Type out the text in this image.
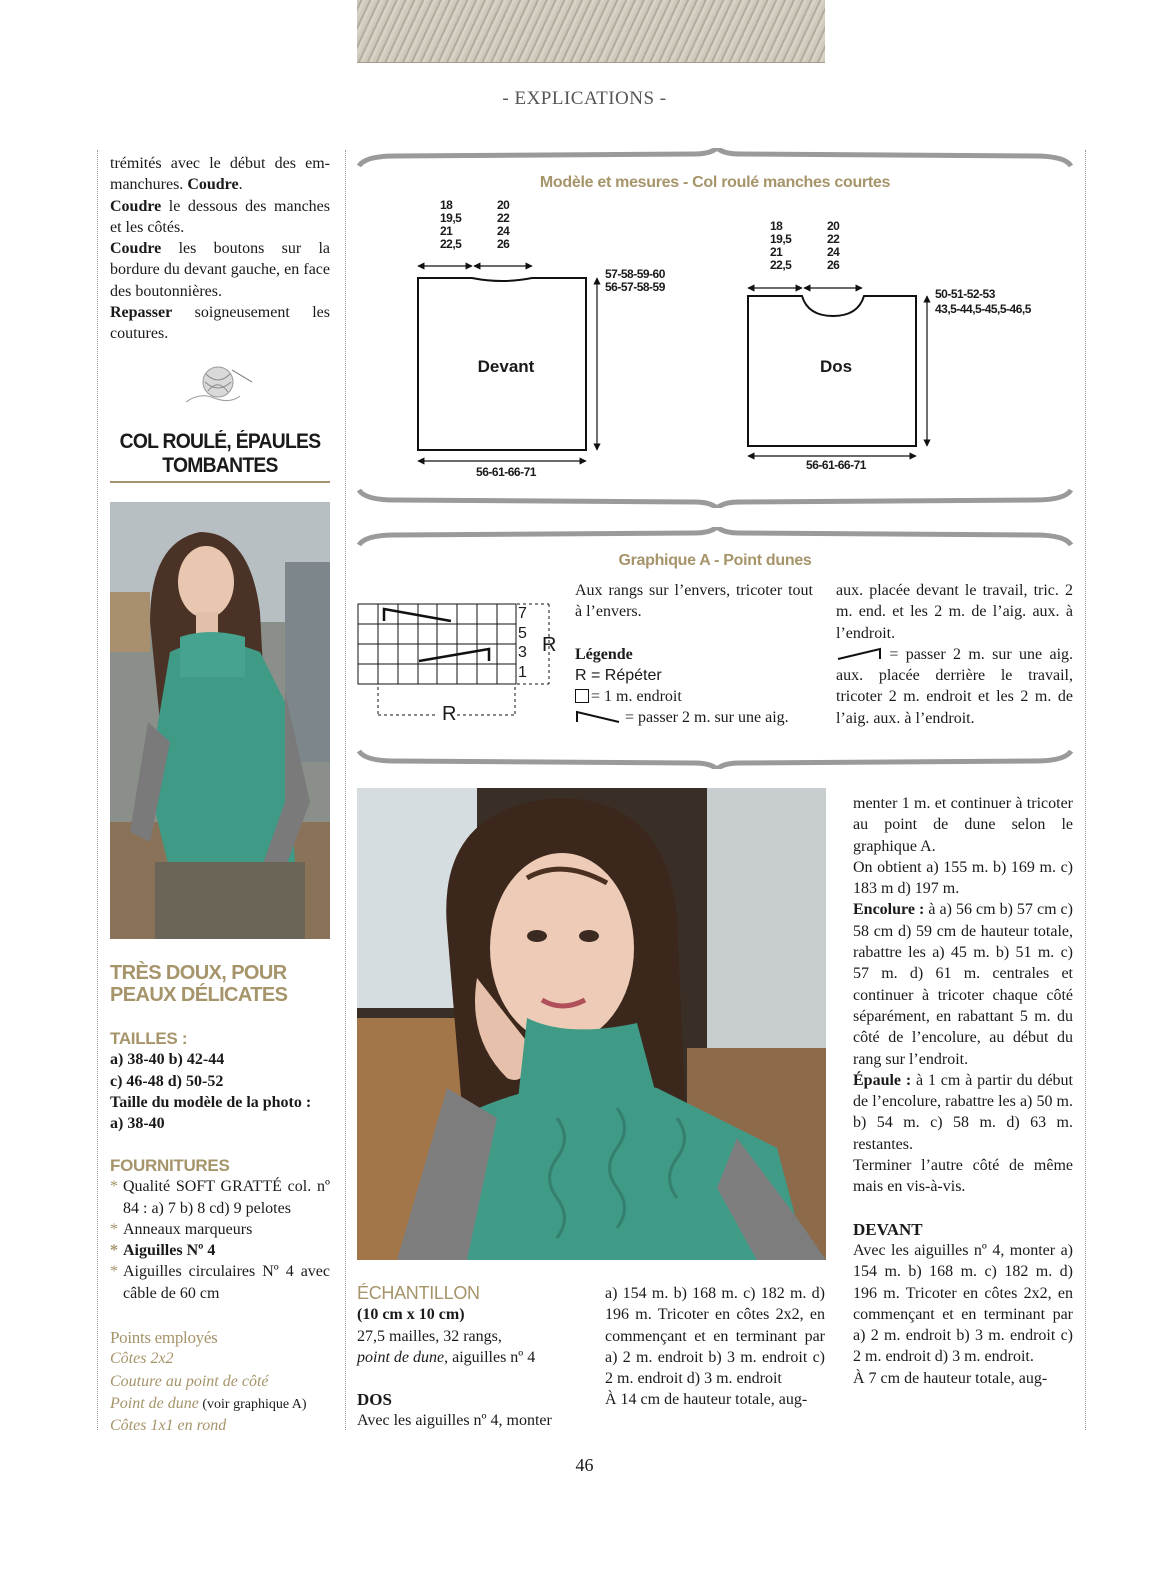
- EXPLICATIONS -
trémités avec le début des em-manchures. Coudre.
Coudre le dessous des manches et les côtés.
Coudre les boutons sur la bordure du devant gauche, en face des boutonnières.
Repasser soigneusement les coutures.
COL ROULÉ, ÉPAULES TOMBANTES
TRÈS DOUX, POUR PEAUX DÉLICATES
TAILLES :
a) 38-40 b) 42-44
c) 46-48 d) 50-52
Taille du modèle de la photo :
a) 38-40
FOURNITURES
* Qualité SOFT GRATTÉ col. nº 84 : a) 7 b) 8 cd) 9 pelotes
* Anneaux marqueurs
* Aiguilles Nº 4
* Aiguilles circulaires Nº 4 avec câble de 60 cm
Points employés
Côtes 2x2
Couture au point de côté
Point de dune (voir graphique A)
Côtes 1x1 en rond
Modèle et mesures - Col roulé manches courtes
18
19,5
21
22,5
20
22
24
26
57-58-59-60
56-57-58-59
Devant
56-61-66-71
18
19,5
21
22,5
20
22
24
26
50-51-52-53
43,5-44,5-45,5-46,5
Dos
56-61-66-71
Graphique A - Point dunes
7
5
3
1
R
R
Aux rangs sur l’envers, tricoter tout à l’envers.
Légende
R = Répéter
= 1 m. endroit
= passer 2 m. sur une aig.
aux. placée devant le travail, tric. 2 m. end. et les 2 m. de l’aig. aux. à l’endroit.
= passer 2 m. sur une aig. aux. placée derrière le travail, tricoter 2 m. endroit et les 2 m. de l’aig. aux. à l’endroit.
menter 1 m. et continuer à tricoter au point de dune selon le graphique A.
On obtient a) 155 m. b) 169 m. c) 183 m d) 197 m.
Encolure : à a) 56 cm b) 57 cm c) 58 cm d) 59 cm de hauteur totale, rabattre les a) 45 m. b) 51 m. c) 57 m. d) 61 m. centrales et continuer à tricoter chaque côté séparément, en rabattant 5 m. du côté de l’encolure, au début du rang sur l’endroit.
Épaule : à 1 cm à partir du début de l’encolure, rabattre les a) 50 m. b) 54 m. c) 58 m. d) 63 m. restantes.
Terminer l’autre côté de même mais en vis-à-vis.
DEVANT
Avec les aiguilles nº 4, monter a) 154 m. b) 168 m. c) 182 m. d) 196 m. Tricoter en côtes 2x2, en commençant et en terminant par a) 2 m. endroit b) 3 m. endroit c) 2 m. endroit d) 3 m. endroit.
À 7 cm de hauteur totale, aug-
ÉCHANTILLON
(10 cm x 10 cm)
27,5 mailles, 32 rangs,
point de dune, aiguilles nº 4
DOS
Avec les aiguilles nº 4, monter
a) 154 m. b) 168 m. c) 182 m. d) 196 m. Tricoter en côtes 2x2, en commençant et en terminant par a) 2 m. endroit b) 3 m. endroit c) 2 m. endroit d) 3 m. endroit
À 14 cm de hauteur totale, aug-
46
